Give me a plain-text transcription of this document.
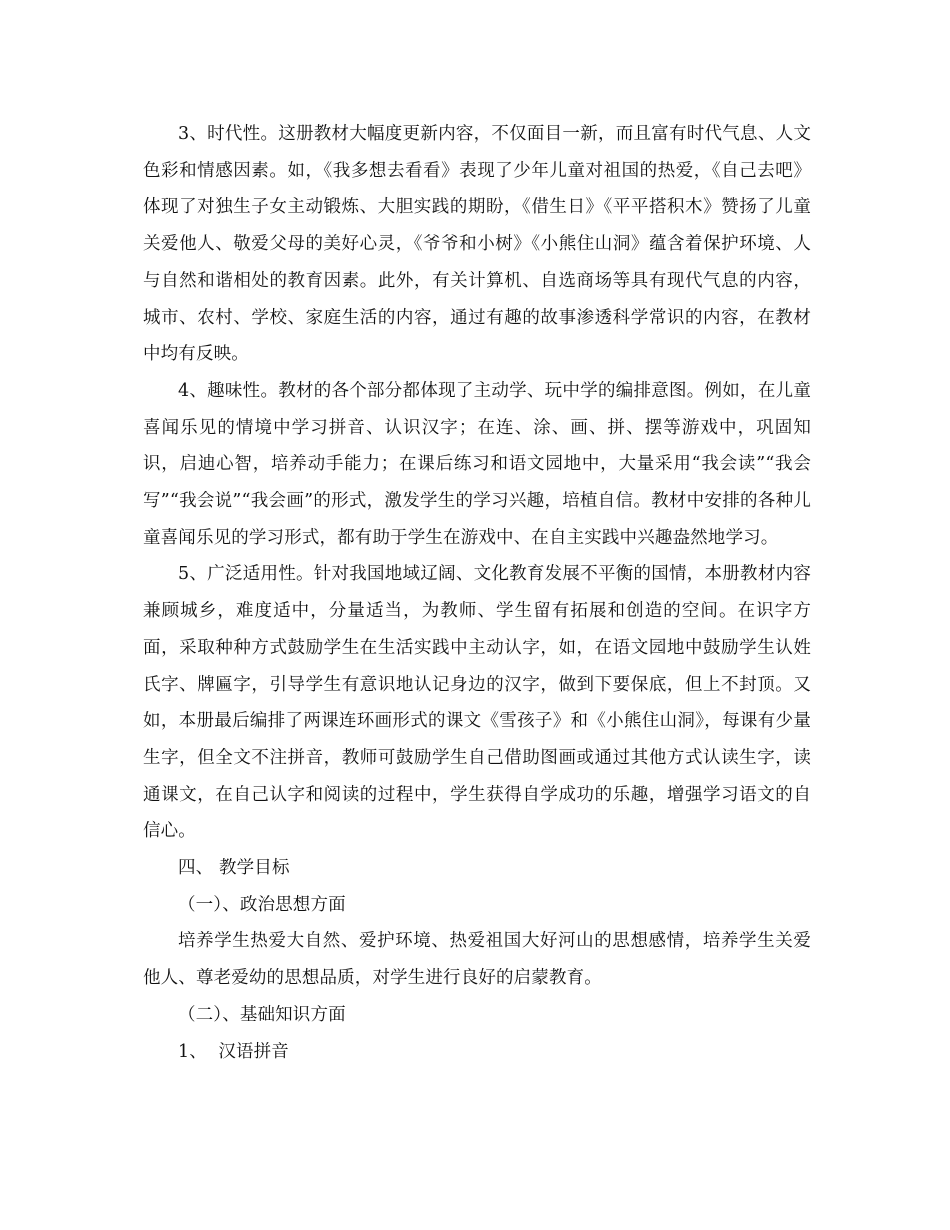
3、时代性。这册教材大幅度更新内容，不仅面目一新，而且富有时代气息、人文色彩和情感因素。如，《我多想去看看》表现了少年儿童对祖国的热爱，《自己去吧》体现了对独生子女主动锻炼、大胆实践的期盼，《借生日》《平平搭积木》赞扬了儿童关爱他人、敬爱父母的美好心灵，《爷爷和小树》《小熊住山洞》蕴含着保护环境、人与自然和谐相处的教育因素。此外，有关计算机、自选商场等具有现代气息的内容，城市、农村、学校、家庭生活的内容，通过有趣的故事渗透科学常识的内容，在教材中均有反映。

4、趣味性。教材的各个部分都体现了主动学、玩中学的编排意图。例如，在儿童喜闻乐见的情境中学习拼音、认识汉字；在连、涂、画、拼、摆等游戏中，巩固知识，启迪心智，培养动手能力；在课后练习和语文园地中，大量采用“我会读”“我会写”“我会说”“我会画”的形式，激发学生的学习兴趣，培植自信。教材中安排的各种儿童喜闻乐见的学习形式，都有助于学生在游戏中、在自主实践中兴趣盎然地学习。

5、广泛适用性。针对我国地域辽阔、文化教育发展不平衡的国情，本册教材内容兼顾城乡，难度适中，分量适当，为教师、学生留有拓展和创造的空间。在识字方面，采取种种方式鼓励学生在生活实践中主动认字，如，在语文园地中鼓励学生认姓氏字、牌匾字，引导学生有意识地认记身边的汉字，做到下要保底，但上不封顶。又如，本册最后编排了两课连环画形式的课文《雪孩子》和《小熊住山洞》，每课有少量生字，但全文不注拼音，教师可鼓励学生自己借助图画或通过其他方式认读生字，读通课文，在自己认字和阅读的过程中，学生获得自学成功的乐趣，增强学习语文的自信心。

四、 教学目标

（一）、政治思想方面

培养学生热爱大自然、爱护环境、热爱祖国大好河山的思想感情，培养学生关爱他人、尊老爱幼的思想品质，对学生进行良好的启蒙教育。

（二）、基础知识方面

1、  汉语拼音
